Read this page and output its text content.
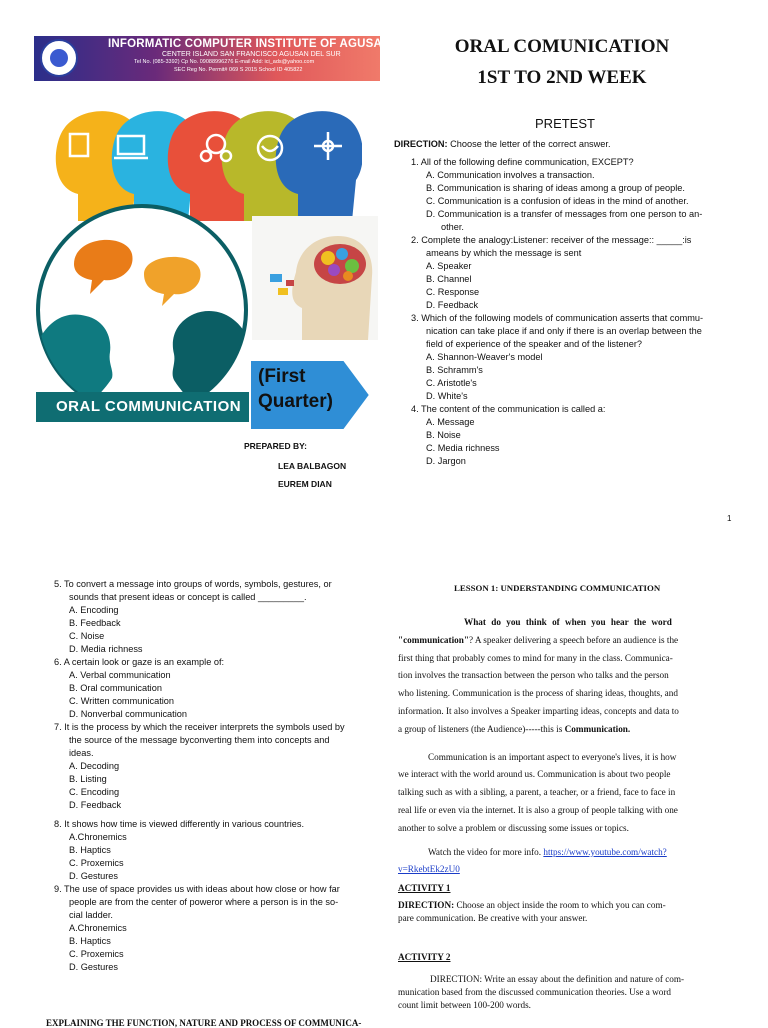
INFORMATIC COMPUTER INSTITUTE OF AGUSAN DEL SUR
CENTER ISLAND SAN FRANCISCO AGUSAN DEL SUR
Tel No. (085-3392) Cp No. 09088996276 E-mail Add: ici_ads@yahoo.com
SEC Reg No. Permit# 069 S 2015 School ID 405822
ORAL COMUNICATION
1ST TO 2ND WEEK
ORAL COMMUNICATION
(First
Quarter)
PREPARED BY:
LEA BALBAGON
EUREM DIAN
PRETEST
DIRECTION: Choose the letter of the correct answer.
1. All of the following define communication, EXCEPT?
A. Communication involves a transaction.
B. Communication is sharing of ideas among a group of people.
C. Communication is a confusion of ideas in the mind of another.
D. Communication is a transfer of messages from one person to an-
other.
2. Complete the analogy:Listener: receiver of the message:: _____:is
ameans by which the message is sent
A. Speaker
B. Channel
C. Response
D. Feedback
3. Which of the following models of communication asserts that commu-
nication can take place if and only if there is an overlap between the
field of experience of the speaker and of the listener?
A. Shannon-Weaver's model
B. Schramm's
C. Aristotle's
D. White's
4. The content of the communication is called a:
A. Message
B. Noise
C. Media richness
D. Jargon
1
5. To convert a message into groups of words, symbols, gestures, or
sounds that present ideas or concept is called _________.
A. Encoding
B. Feedback
C. Noise
D. Media richness
6. A certain look or gaze is an example of:
A. Verbal communication
B. Oral communication
C. Written communication
D. Nonverbal communication
7. It is the process by which the receiver interprets the symbols used by
the source of the message byconverting them into concepts and
ideas.
A. Decoding
B. Listing
C. Encoding
D. Feedback
8. It shows how time is viewed differently in various countries.
A.Chronemics
B. Haptics
C. Proxemics
D. Gestures
9. The use of space provides us with ideas about how close or how far
people are from the center of poweror where a person is in the so-
cial ladder.
A.Chronemics
B. Haptics
C. Proxemics
D. Gestures
EXPLAINING THE FUNCTION, NATURE AND PROCESS OF COMMUNICA-
LESSON 1: UNDERSTANDING COMMUNICATION

What do you think of when you hear the word

"communication"? A speaker delivering a speech before an audience is the

first thing that probably comes to mind for many in the class. Communica-

tion involves the transaction between the person who talks and the person

who listening. Communication is the process of sharing ideas, thoughts, and

information. It also involves a Speaker imparting ideas, concepts and data to

a group of listeners (the Audience)-----this is Communication.

Communication is an important aspect to everyone's lives, it is how

we interact with the world around us. Communication is about two people

talking such as with a sibling, a parent, a teacher, or a friend, face to face in

real life or even via the internet. It is also a group of people talking with one

another to solve a problem or discussing some issues or topics.

Watch the video for more info. https://www.youtube.com/watch?

v=RkebtEk2zU0

ACTIVITY 1
DIRECTION: Choose an object inside the room to which you can com-
pare communication. Be creative with your answer.
ACTIVITY 2
DIRECTION: Write an essay about the definition and nature of com-
munication based from the discussed communication theories. Use a word
count limit between 100-200 words.
